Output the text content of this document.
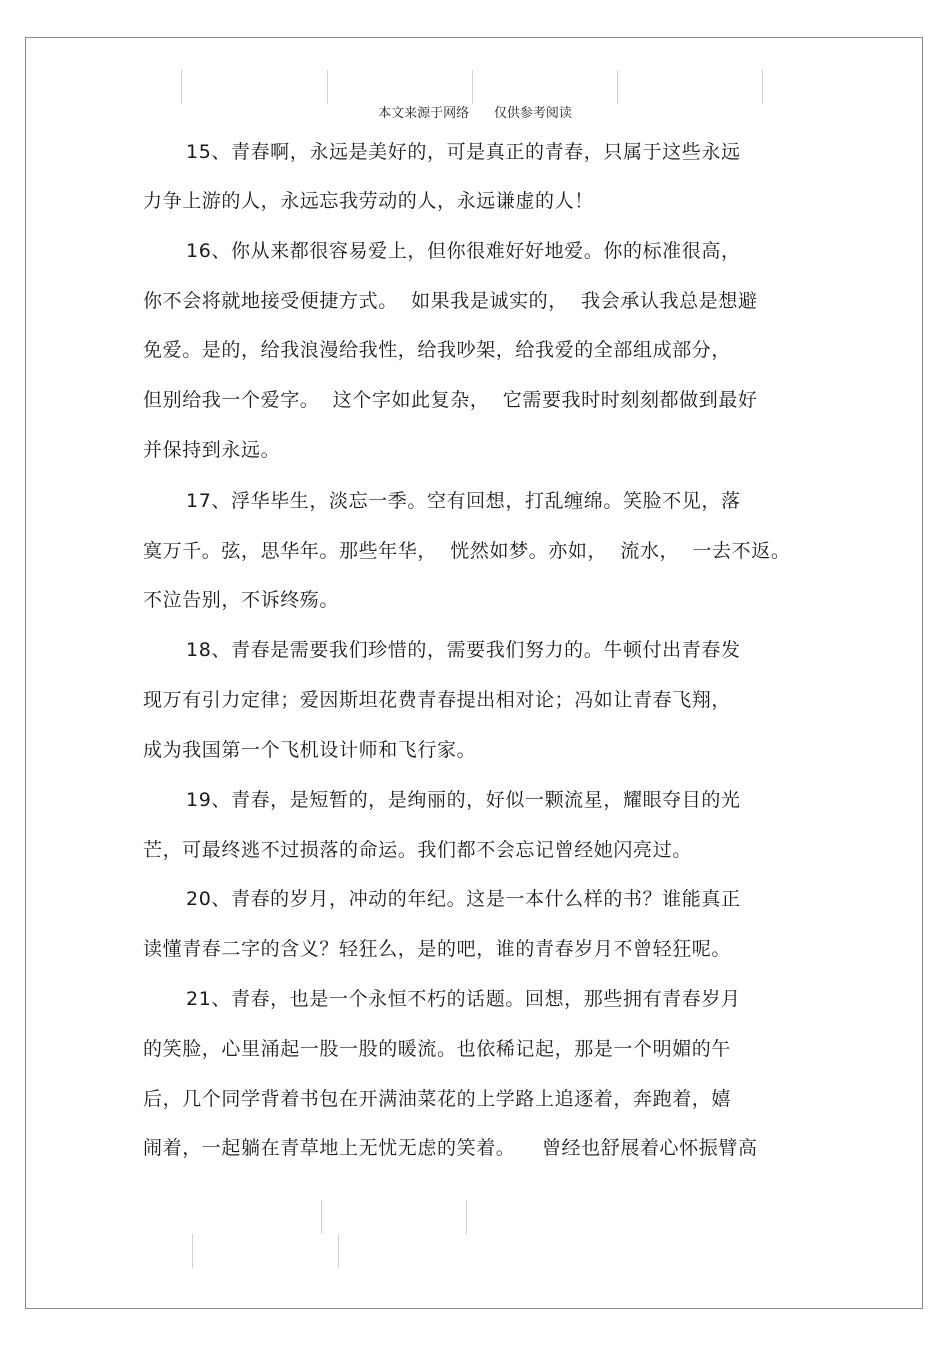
本文来源于网络      仅供参考阅读
15、青春啊，永远是美好的，可是真正的青春，只属于这些永远
力争上游的人，永远忘我劳动的人，永远谦虚的人！
16、你从来都很容易爱上，但你很难好好地爱。你的标准很高，
你不会将就地接受便捷方式。  如果我是诚实的，  我会承认我总是想避
免爱。是的，给我浪漫给我性，给我吵架，给我爱的全部组成部分，
但别给我一个爱字。  这个字如此复杂，  它需要我时时刻刻都做到最好
并保持到永远。
17、浮华毕生，淡忘一季。空有回想，打乱缠绵。笑脸不见，落
寞万千。弦，思华年。那些年华，  恍然如梦。亦如，  流水，  一去不返。
不泣告别，不诉终殇。
18、青春是需要我们珍惜的，需要我们努力的。牛顿付出青春发
现万有引力定律；爱因斯坦花费青春提出相对论；冯如让青春飞翔，
成为我国第一个飞机设计师和飞行家。
19、青春，是短暂的，是绚丽的，好似一颗流星，耀眼夺目的光
芒，可最终逃不过损落的命运。我们都不会忘记曾经她闪亮过。
20、青春的岁月，冲动的年纪。这是一本什么样的书？谁能真正
读懂青春二字的含义？轻狂么，是的吧，谁的青春岁月不曾轻狂呢。
21、青春，也是一个永恒不朽的话题。回想，那些拥有青春岁月
的笑脸，心里涌起一股一股的暖流。也依稀记起，那是一个明媚的午
后，几个同学背着书包在开满油菜花的上学路上追逐着，奔跑着，嬉
闹着，一起躺在青草地上无忧无虑的笑着。    曾经也舒展着心怀振臂高
